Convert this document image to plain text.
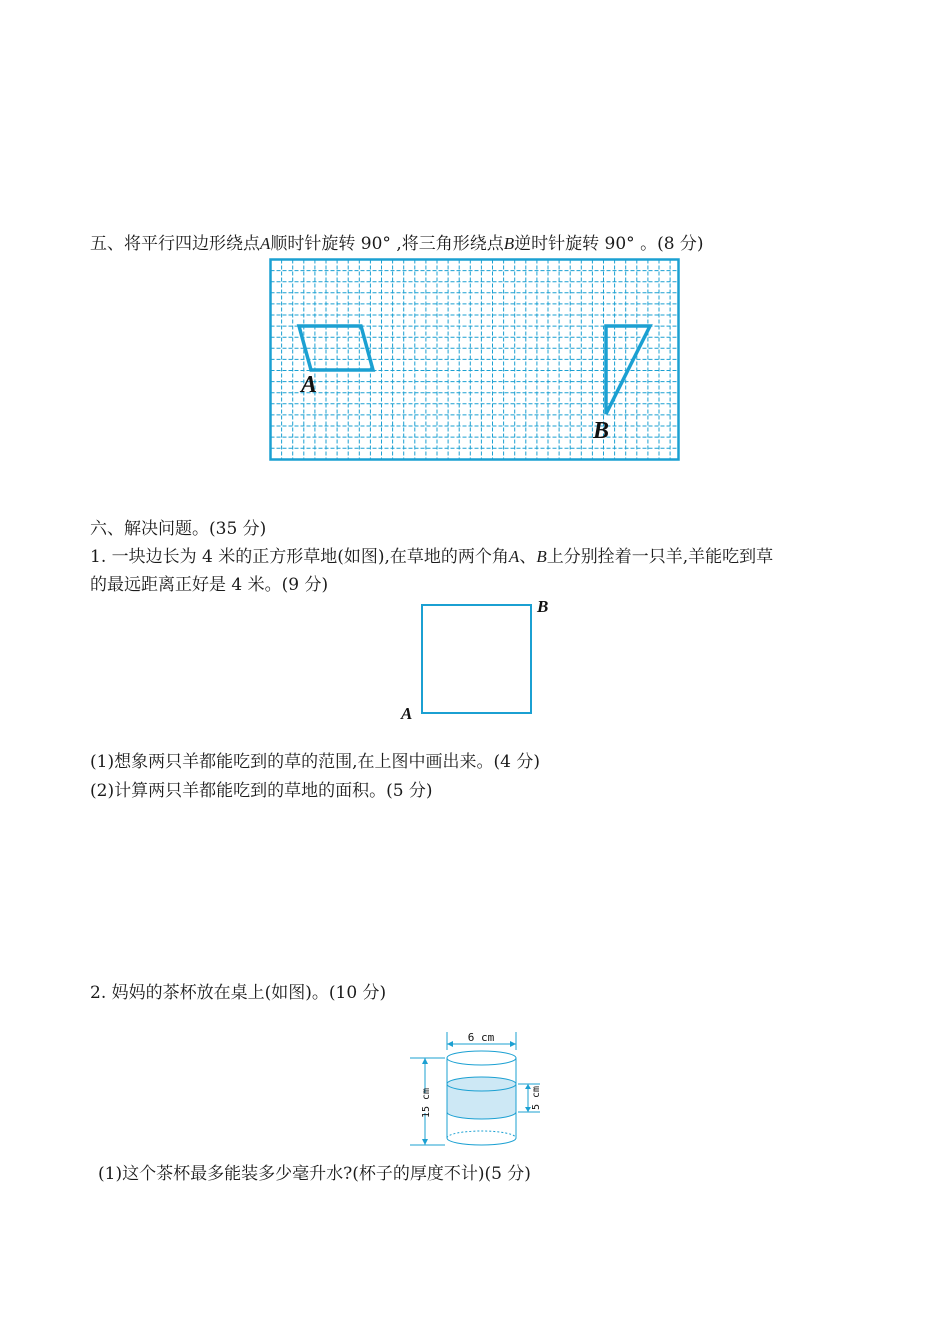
五、将平行四边形绕点A顺时针旋转 90° ,将三角形绕点B逆时针旋转 90° 。(8 分)
A
B
六、解决问题。(35 分)
1. 一块边长为 4 米的正方形草地(如图),在草地的两个角A、B上分别拴着一只羊,羊能吃到草
的最远距离正好是 4 米。(9 分)
A
B
(1)想象两只羊都能吃到的草的范围,在上图中画出来。(4 分)
(2)计算两只羊都能吃到的草地的面积。(5 分)
2. 妈妈的茶杯放在桌上(如图)。(10 分)
6 cm
15 cm	5 cm
(1)这个茶杯最多能装多少毫升水?(杯子的厚度不计)(5 分)
